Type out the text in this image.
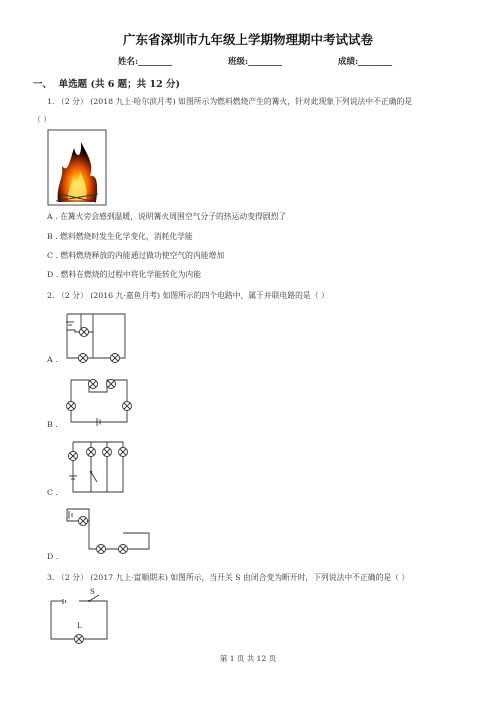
广东省深圳市九年级上学期物理期中考试试卷
姓名:________	班级:________	成绩:________
一、 单选题 (共 6 题；共 12 分)
1. （2 分） (2018 九上·哈尔滨月考) 如图所示为燃料燃烧产生的篝火，针对此现象下列说法中不正确的是
（ ）
A . 在篝火旁会感到温暖，说明篝火周围空气分子的热运动变得剧烈了
B . 燃料燃烧时发生化学变化，消耗化学能
C . 燃料燃烧释放的内能通过做功使空气的内能增加
D . 燃料在燃烧的过程中将化学能转化为内能
2. （2 分） (2016 九·嘉鱼月考) 如图所示的四个电路中，属于并联电路的是（ ）
A .
B .
C .
D .
3. （2 分） (2017 九上·富顺期末) 如图所示，当开关 S 由闭合变为断开时，下列说法中不正确的是（ ）
S
L
第 1 页 共 12 页
